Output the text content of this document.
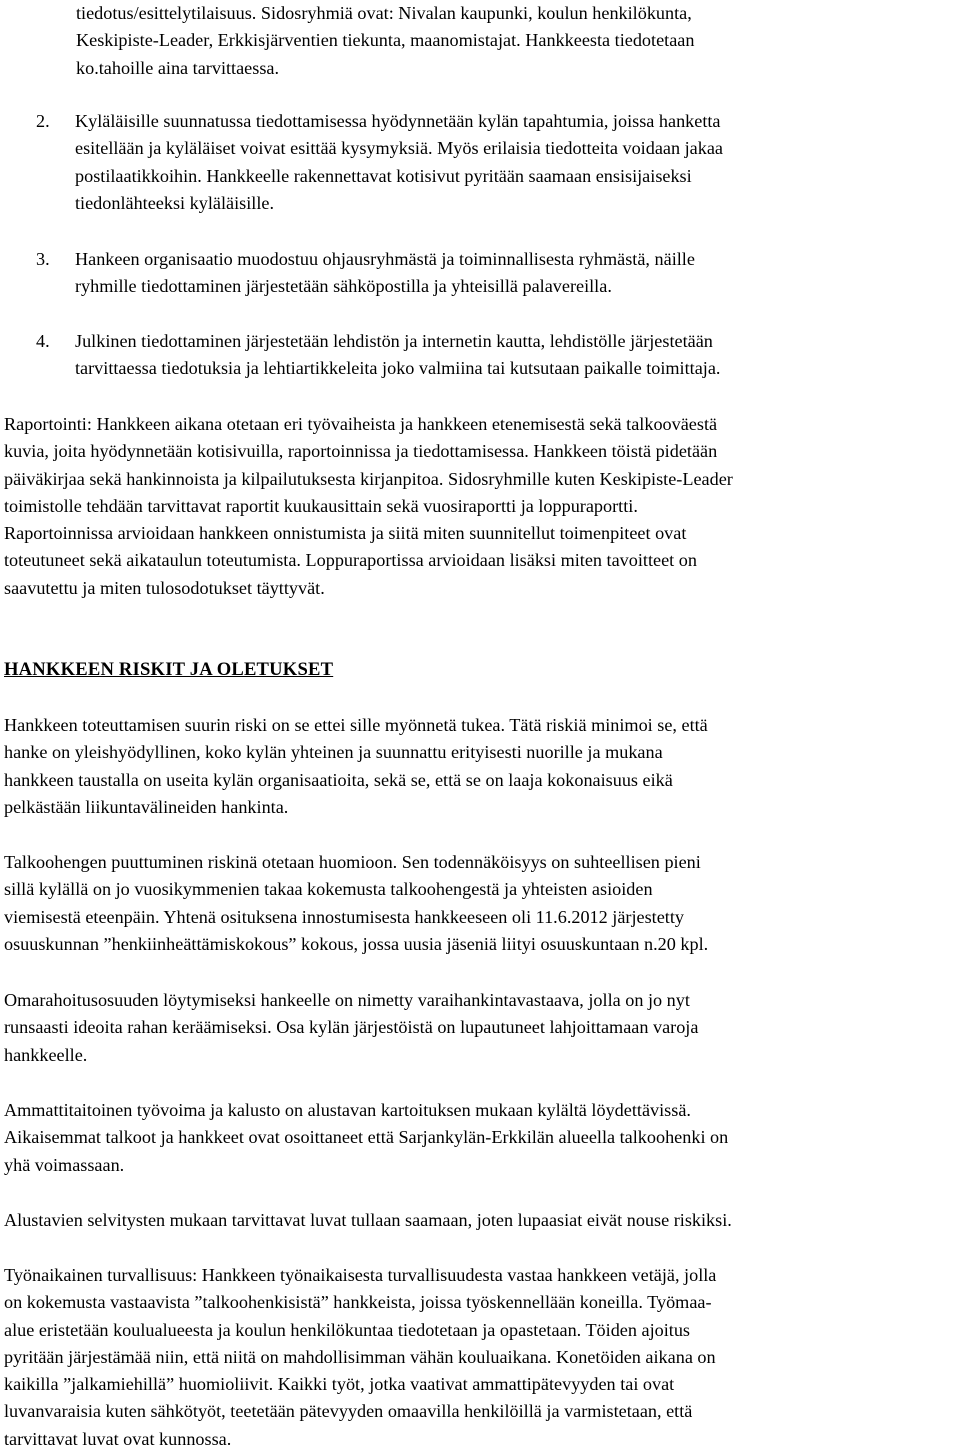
tiedotus/esittelytilaisuus. Sidosryhmiä ovat: Nivalan kaupunki, koulun henkilökunta,
Keskipiste-Leader, Erkkisjärventien tiekunta, maanomistajat. Hankkeesta tiedotetaan
ko.tahoille aina tarvittaessa.
2.	Kyläläisille suunnatussa tiedottamisessa hyödynnetään kylän tapahtumia, joissa hanketta
esitellään ja kyläläiset voivat esittää kysymyksiä. Myös erilaisia tiedotteita voidaan jakaa
postilaatikkoihin. Hankkeelle rakennettavat kotisivut pyritään saamaan ensisijaiseksi
tiedonlähteeksi kyläläisille.
3.	Hankeen organisaatio muodostuu ohjausryhmästä ja toiminnallisesta ryhmästä, näille
ryhmille tiedottaminen järjestetään sähköpostilla ja yhteisillä palavereilla.
4.	Julkinen tiedottaminen järjestetään lehdistön ja internetin kautta, lehdistölle järjestetään
tarvittaessa tiedotuksia ja lehtiartikkeleita joko valmiina tai kutsutaan paikalle toimittaja.
Raportointi: Hankkeen aikana otetaan eri työvaiheista ja hankkeen etenemisestä sekä talkooväestä
kuvia, joita hyödynnetään kotisivuilla, raportoinnissa ja tiedottamisessa. Hankkeen töistä pidetään
päiväkirjaa sekä hankinnoista ja kilpailutuksesta kirjanpitoa. Sidosryhmille kuten Keskipiste-Leader
toimistolle tehdään tarvittavat raportit kuukausittain sekä vuosiraportti ja loppuraportti.
Raportoinnissa arvioidaan hankkeen onnistumista ja siitä miten suunnitellut toimenpiteet ovat
toteutuneet sekä aikataulun toteutumista. Loppuraportissa arvioidaan lisäksi miten tavoitteet on
saavutettu ja miten tulosodotukset täyttyvät.
HANKKEEN RISKIT JA OLETUKSET
Hankkeen toteuttamisen suurin riski on se ettei sille myönnetä tukea. Tätä riskiä minimoi se, että
hanke on yleishyödyllinen, koko kylän yhteinen ja suunnattu erityisesti nuorille ja mukana
hankkeen taustalla on useita kylän organisaatioita, sekä se, että se on laaja kokonaisuus eikä
pelkästään liikuntavälineiden hankinta.
Talkoohengen puuttuminen riskinä otetaan huomioon. Sen todennäköisyys on suhteellisen pieni
sillä kylällä on jo vuosikymmenien takaa kokemusta talkoohengestä ja yhteisten asioiden
viemisestä eteenpäin. Yhtenä osituksena innostumisesta hankkeeseen oli 11.6.2012 järjestetty
osuuskunnan ”henkiinheättämiskokous” kokous, jossa uusia jäseniä liityi osuuskuntaan n.20 kpl.
Omarahoitusosuuden löytymiseksi hankeelle on nimetty varaihankintavastaava, jolla on jo nyt
runsaasti ideoita rahan keräämiseksi. Osa kylän järjestöistä on lupautuneet lahjoittamaan varoja
hankkeelle.
Ammattitaitoinen työvoima ja kalusto on alustavan kartoituksen mukaan kylältä löydettävissä.
Aikaisemmat talkoot ja hankkeet ovat osoittaneet että Sarjankylän-Erkkilän alueella talkoohenki on
yhä voimassaan.
Alustavien selvitysten mukaan tarvittavat luvat tullaan saamaan, joten lupaasiat eivät nouse riskiksi.
Työnaikainen turvallisuus: Hankkeen työnaikaisesta turvallisuudesta vastaa hankkeen vetäjä, jolla
on kokemusta vastaavista ”talkoohenkisistä” hankkeista, joissa työskennellään koneilla. Työmaa-
alue eristetään koulualueesta ja koulun henkilökuntaa tiedotetaan ja opastetaan. Töiden ajoitus
pyritään järjestämää niin, että niitä on mahdollisimman vähän kouluaikana. Konetöiden aikana on
kaikilla ”jalkamiehillä” huomioliivit. Kaikki työt, jotka vaativat ammattipätevyyden tai ovat
luvanvaraisia kuten sähkötyöt, teetetään pätevyyden omaavilla henkilöillä ja varmistetaan, että
tarvittavat luvat ovat kunnossa.
